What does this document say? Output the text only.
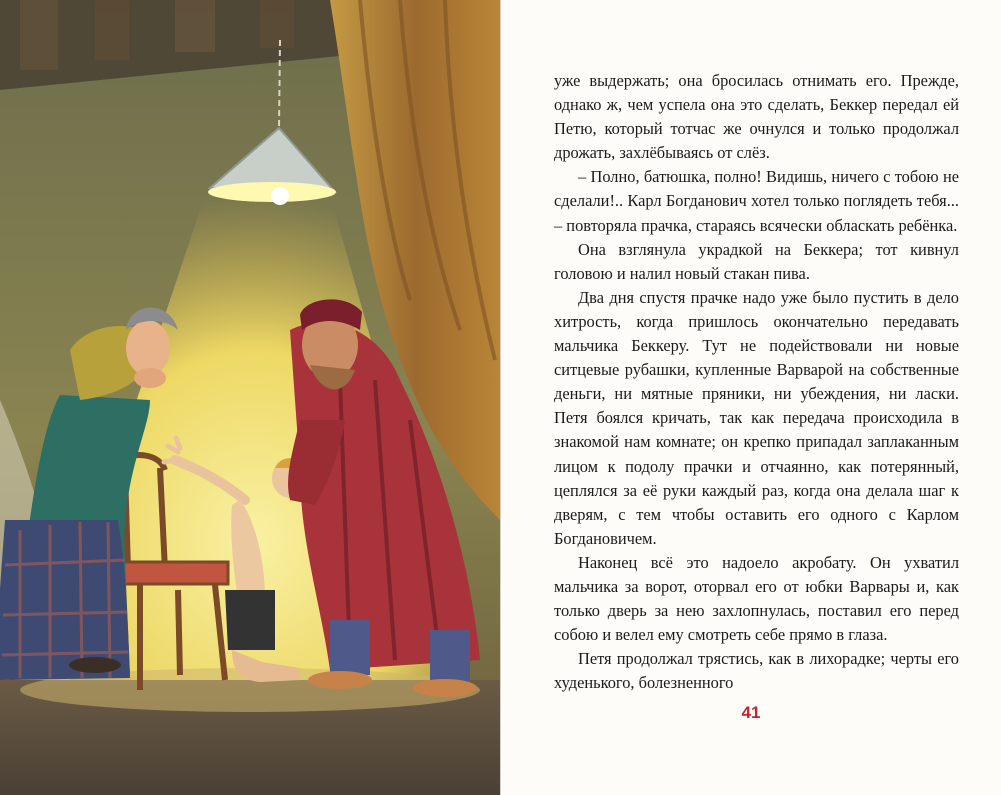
уже выдержать; она бросилась отнимать его. Прежде, однако ж, чем успела она это сделать, Беккер передал ей Петю, который тотчас же очнулся и только продолжал дрожать, захлёбываясь от слёз.

– Полно, батюшка, полно! Видишь, ничего с тобою не сделали!.. Карл Богданович хотел только поглядеть тебя... – повторяла прачка, стараясь всячески обласкать ребёнка.

Она взглянула украдкой на Беккера; тот кивнул головою и налил новый стакан пива.

Два дня спустя прачке надо уже было пустить в дело хитрость, когда пришлось окончательно передавать мальчика Беккеру. Тут не подействовали ни новые ситцевые рубашки, купленные Варварой на собственные деньги, ни мятные пряники, ни убеждения, ни ласки. Петя боялся кричать, так как передача происходила в знакомой нам комнате; он крепко припадал заплаканным лицом к подолу прачки и отчаянно, как потерянный, цеплялся за её руки каждый раз, когда она делала шаг к дверям, с тем чтобы оставить его одного с Карлом Богдановичем.

Наконец всё это надоело акробату. Он ухватил мальчика за ворот, оторвал его от юбки Варвары и, как только дверь за нею захлопнулась, поставил его перед собою и велел ему смотреть себе прямо в глаза.

Петя продолжал трястись, как в лихорадке; черты его худенького, болезненного

41
